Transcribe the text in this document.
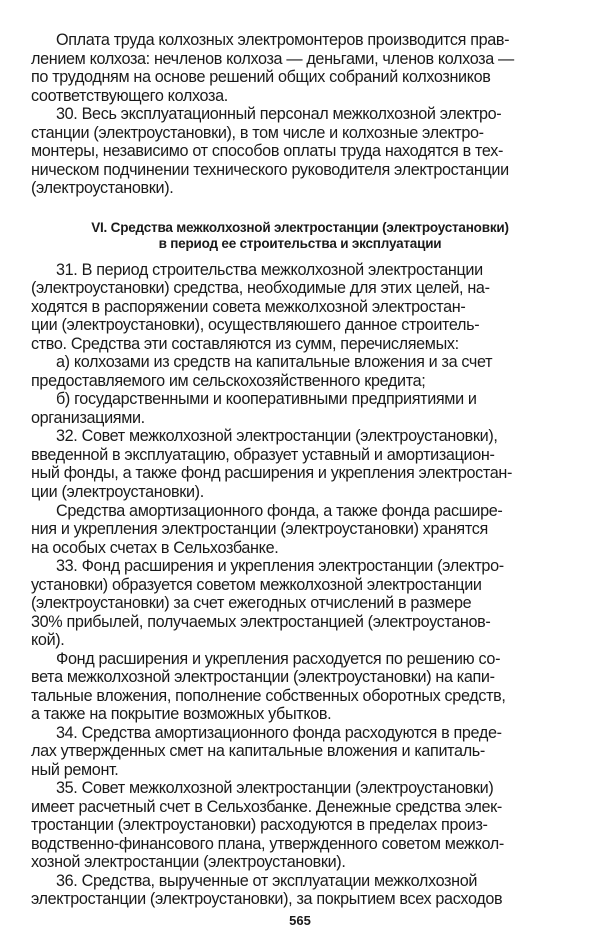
Оплата труда колхозных электромонтеров производится прав-
лением колхоза: нечленов колхоза — деньгами, членов колхоза —
по трудодням на основе решений общих собраний колхозников
соответствующего колхоза.
30. Весь эксплуатационный персонал межколхозной электро-
станции (электроустановки), в том числе и колхозные электро-
монтеры, независимо от способов оплаты труда находятся в тех-
ническом подчинении технического руководителя электростанции
(электроустановки).
VI. Средства межколхозной электростанции (электроустановки)
в период ее строительства и эксплуатации
31. В период строительства межколхозной электростанции
(электроустановки) средства, необходимые для этих целей, на-
ходятся в распоряжении совета межколхозной электростан-
ции (электроустановки), осуществляюшего данное строитель-
ство. Средства эти составляются из сумм, перечисляемых:
а) колхозами из средств на капитальные вложения и за счет
предоставляемого им сельскохозяйственного кредита;
б) государственными и кооперативными предприятиями и
организациями.
32. Совет межколхозной электростанции (электроустановки),
введенной в эксплуатацию, образует уставный и амортизацион-
ный фонды, а также фонд расширения и укрепления электростан-
ции (электроустановки).
Средства амортизационного фонда, а также фонда расшире-
ния и укрепления электростанции (электроустановки) хранятся
на особых счетах в Сельхозбанке.
33. Фонд расширения и укрепления электростанции (электро-
установки) образуется советом межколхозной электростанции
(электроустановки) за счет ежегодных отчислений в размере
30% прибылей, получаемых электростанцией (электроустанов-
кой).
Фонд расширения и укрепления расходуется по решению со-
вета межколхозной электростанции (электроустановки) на капи-
тальные вложения, пополнение собственных оборотных средств,
а также на покрытие возможных убытков.
34. Средства амортизационного фонда расходуются в преде-
лах утвержденных смет на капитальные вложения и капиталь-
ный ремонт.
35. Совет межколхозной электростанции (электроустановки)
имеет расчетный счет в Сельхозбанке. Денежные средства элек-
тростанции (электроустановки) расходуются в пределах произ-
водственно-финансового плана, утвержденного советом межкол-
хозной электростанции (электроустановки).
36. Средства, вырученные от эксплуатации межколхозной
электростанции (электроустановки), за покрытием всех расходов
565
